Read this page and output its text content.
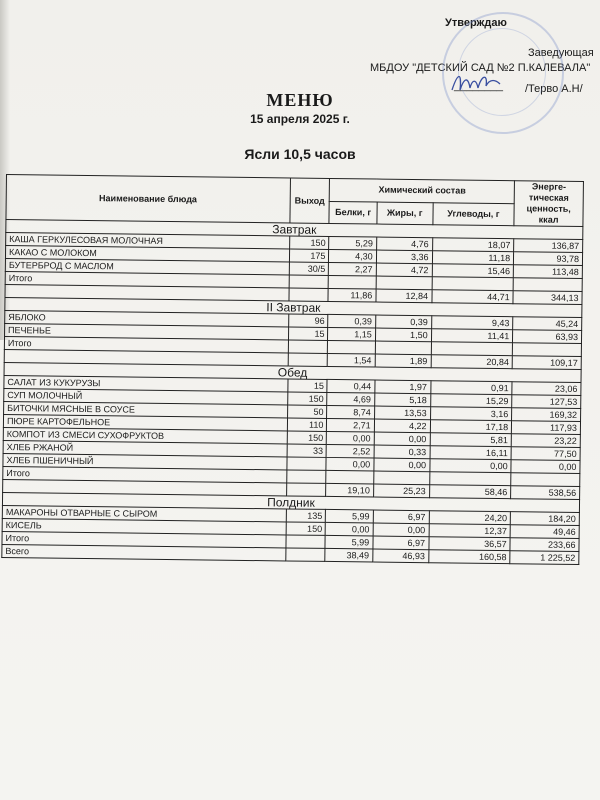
Утверждаю
Заведующая
МБДОУ "ДЕТСКИЙ САД №2 П.КАЛЕВАЛА"
________ /Терво А.Н/
МЕНЮ
15 апреля 2025 г.
Ясли 10,5 часов
Наименование блюда	Выход	Химический состав			Энерге-тическая ценность, ккал
		Белки, г	Жиры, г	Углеводы, г	
Завтрак					
КАША ГЕРКУЛЕСОВАЯ МОЛОЧНАЯ	150	5,29	4,76	18,07	136,87
КАКАО С МОЛОКОМ	175	4,30	3,36	11,18	93,78
БУТЕРБРОД С МАСЛОМ	30/5	2,27	4,72	15,46	113,48
Итого					
		11,86	12,84	44,71	344,13
II Завтрак					
ЯБЛОКО	96	0,39	0,39	9,43	45,24
ПЕЧЕНЬЕ	15	1,15	1,50	11,41	63,93
Итого					
		1,54	1,89	20,84	109,17
Обед					
САЛАТ ИЗ КУКУРУЗЫ	15	0,44	1,97	0,91	23,06
СУП МОЛОЧНЫЙ	150	4,69	5,18	15,29	127,53
БИТОЧКИ МЯСНЫЕ В СОУСЕ	50	8,74	13,53	3,16	169,32
ПЮРЕ КАРТОФЕЛЬНОЕ	110	2,71	4,22	17,18	117,93
КОМПОТ ИЗ СМЕСИ СУХОФРУКТОВ	150	0,00	0,00	5,81	23,22
ХЛЕБ РЖАНОЙ	33	2,52	0,33	16,11	77,50
ХЛЕБ ПШЕНИЧНЫЙ		0,00	0,00	0,00	0,00
Итого					
		19,10	25,23	58,46	538,56
Полдник					
МАКАРОНЫ ОТВАРНЫЕ С СЫРОМ	135	5,99	6,97	24,20	184,20
КИСЕЛЬ	150	0,00	0,00	12,37	49,46
Итого		5,99	6,97	36,57	233,66
Всего		38,49	46,93	160,58	1 225,52
